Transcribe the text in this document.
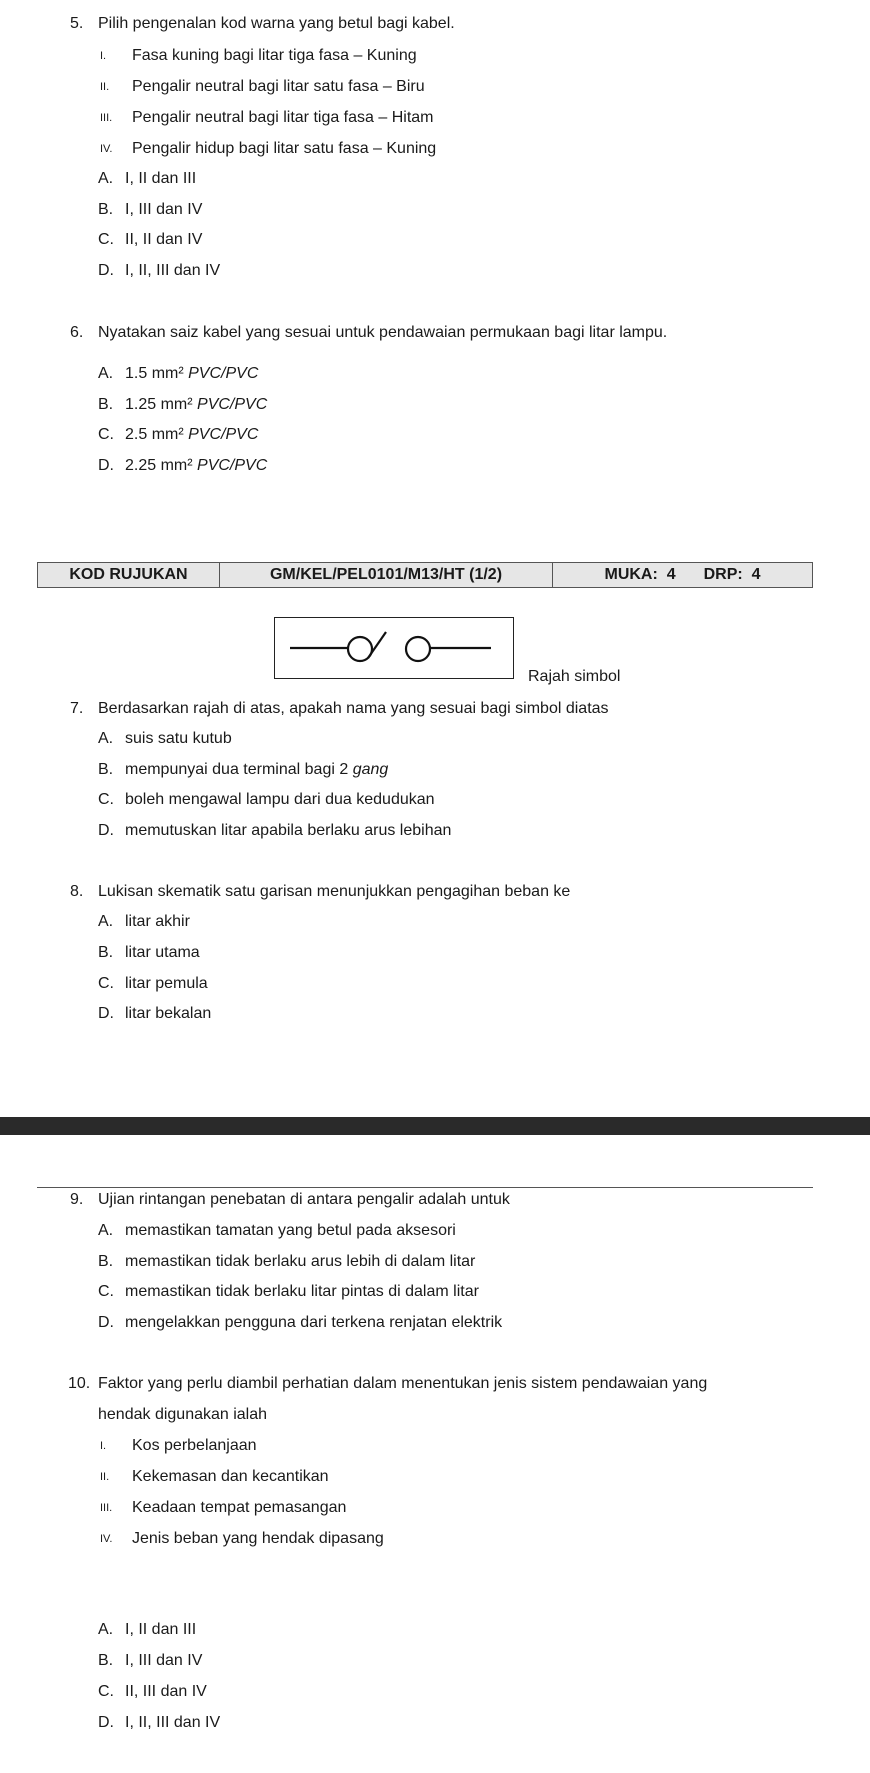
5. Pilih pengenalan kod warna yang betul bagi kabel.
I.	Fasa kuning bagi litar tiga fasa – Kuning
II.	Pengalir neutral bagi litar satu fasa – Biru
III.	Pengalir neutral bagi litar tiga fasa – Hitam
IV.	Pengalir hidup bagi litar satu fasa – Kuning
A. I, II dan III
B. I, III dan IV
C. II, II dan IV
D. I, II, III dan IV
6. Nyatakan saiz kabel yang sesuai untuk pendawaian permukaan bagi litar lampu.
A. 1.5 mm² PVC/PVC
B. 1.25 mm² PVC/PVC
C. 2.5 mm² PVC/PVC
D. 2.25 mm² PVC/PVC
KOD RUJUKAN	GM/KEL/PEL0101/M13/HT (1/2)	MUKA:  4 DRP:  4
Rajah simbol
7. Berdasarkan rajah di atas, apakah nama yang sesuai bagi simbol diatas
A. suis satu kutub
B. mempunyai dua terminal bagi 2 gang
C. boleh mengawal lampu dari dua kedudukan
D. memutuskan litar apabila berlaku arus lebihan
8. Lukisan skematik satu garisan menunjukkan pengagihan beban ke
A. litar akhir
B. litar utama
C. litar pemula
D. litar bekalan
9. Ujian rintangan penebatan di antara pengalir adalah untuk
A. memastikan tamatan yang betul pada aksesori
B. memastikan tidak berlaku arus lebih di dalam litar
C. memastikan tidak berlaku litar pintas di dalam litar
D. mengelakkan pengguna dari terkena renjatan elektrik
10. Faktor yang perlu diambil perhatian dalam menentukan jenis sistem pendawaian yang
hendak digunakan ialah
I.	Kos perbelanjaan
II.	Kekemasan dan kecantikan
III.	Keadaan tempat pemasangan
IV.	Jenis beban yang hendak dipasang
A. I, II dan III
B. I, III dan IV
C. II, III dan IV
D. I, II, III dan IV
